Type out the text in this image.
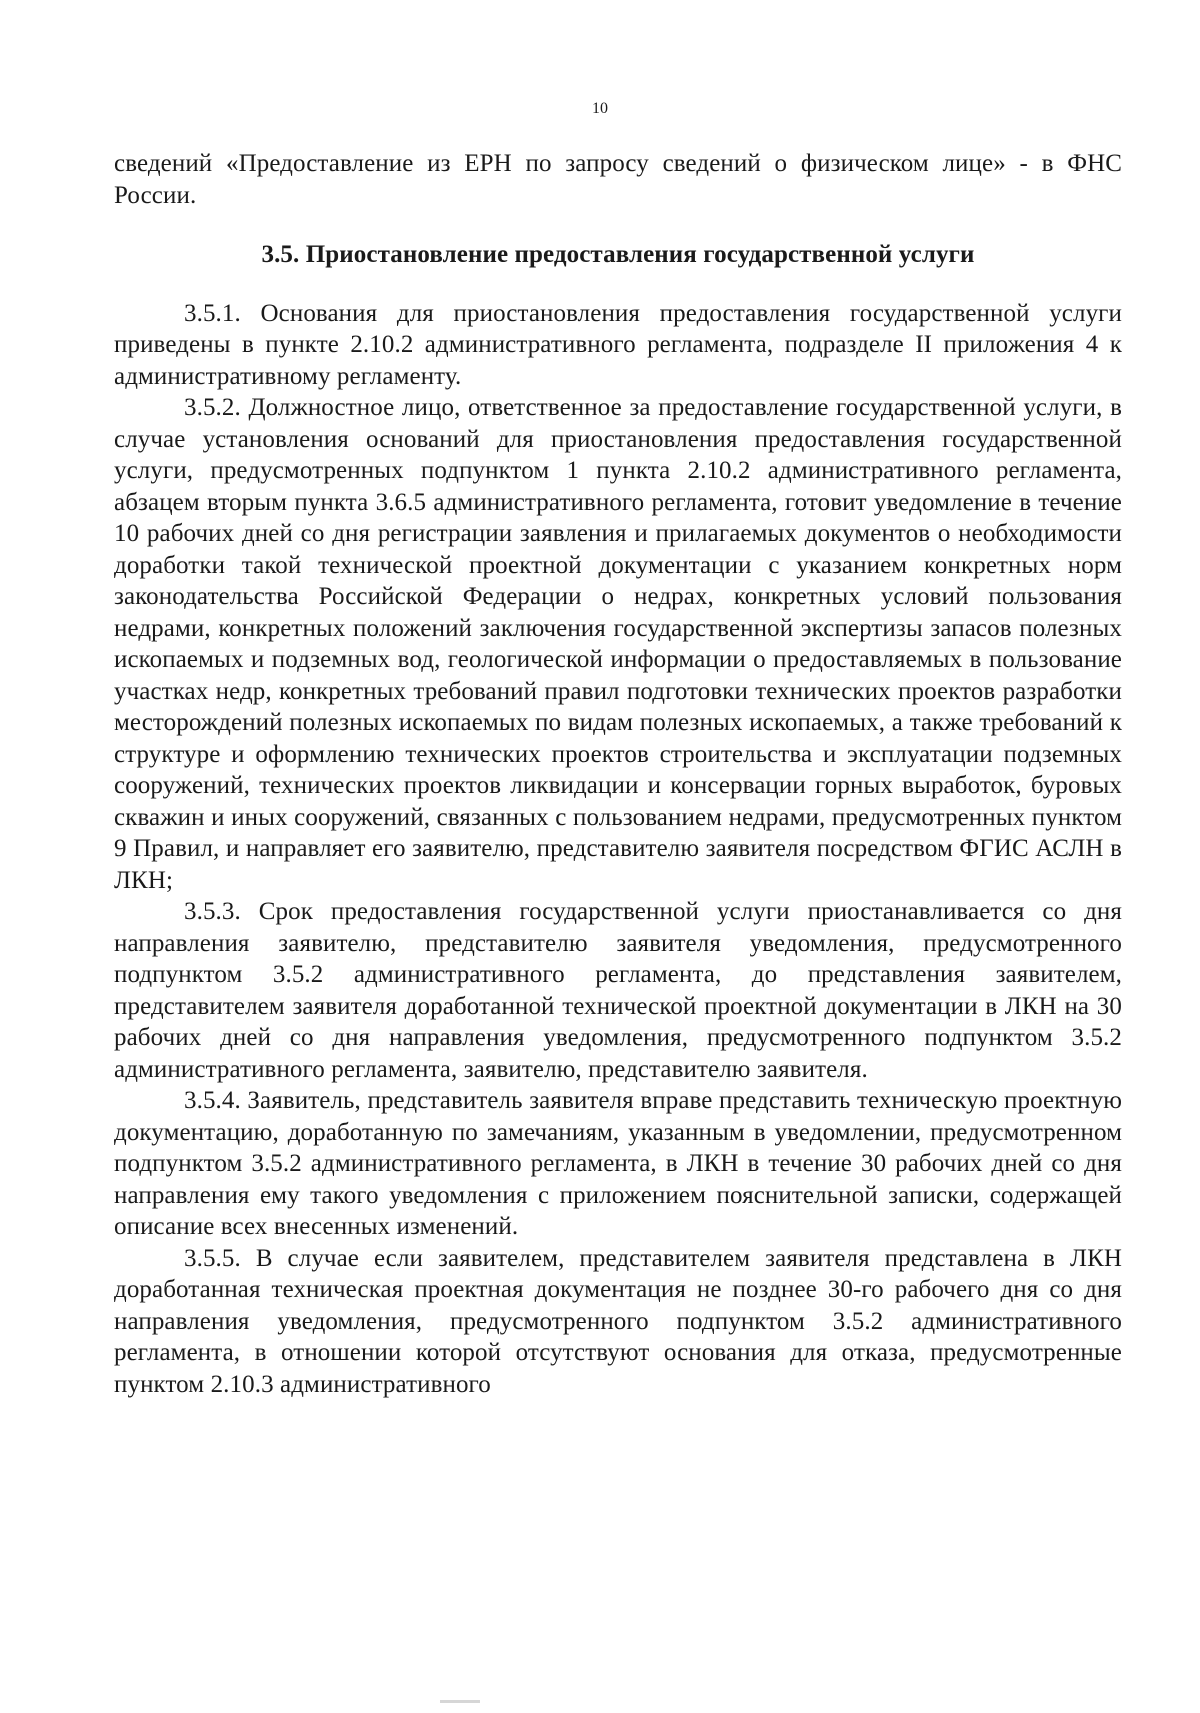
10

сведений «Предоставление из ЕРН по запросу сведений о физическом лице» - в ФНС России.

3.5. Приостановление предоставления государственной услуги

3.5.1. Основания для приостановления предоставления государственной услуги приведены в пункте 2.10.2 административного регламента, подразделе II приложения 4 к административному регламенту.

3.5.2. Должностное лицо, ответственное за предоставление государственной услуги, в случае установления оснований для приостановления предоставления государственной услуги, предусмотренных подпунктом 1 пункта 2.10.2 административного регламента, абзацем вторым пункта 3.6.5 административного регламента, готовит уведомление в течение 10 рабочих дней со дня регистрации заявления и прилагаемых документов о необходимости доработки такой технической проектной документации с указанием конкретных норм законодательства Российской Федерации о недрах, конкретных условий пользования недрами, конкретных положений заключения государственной экспертизы запасов полезных ископаемых и подземных вод, геологической информации о предоставляемых в пользование участках недр, конкретных требований правил подготовки технических проектов разработки месторождений полезных ископаемых по видам полезных ископаемых, а также требований к структуре и оформлению технических проектов строительства и эксплуатации подземных сооружений, технических проектов ликвидации и консервации горных выработок, буровых скважин и иных сооружений, связанных с пользованием недрами, предусмотренных пунктом 9 Правил, и направляет его заявителю, представителю заявителя посредством ФГИС АСЛН в ЛКН;

3.5.3. Срок предоставления государственной услуги приостанавливается со дня направления заявителю, представителю заявителя уведомления, предусмотренного подпунктом 3.5.2 административного регламента, до представления заявителем, представителем заявителя доработанной технической проектной документации в ЛКН на 30 рабочих дней со дня направления уведомления, предусмотренного подпунктом 3.5.2 административного регламента, заявителю, представителю заявителя.

3.5.4. Заявитель, представитель заявителя вправе представить техническую проектную документацию, доработанную по замечаниям, указанным в уведомлении, предусмотренном подпунктом 3.5.2 административного регламента, в ЛКН в течение 30 рабочих дней со дня направления ему такого уведомления с приложением пояснительной записки, содержащей описание всех внесенных изменений.

3.5.5. В случае если заявителем, представителем заявителя представлена в ЛКН доработанная техническая проектная документация не позднее 30-го рабочего дня со дня направления уведомления, предусмотренного подпунктом 3.5.2 административного регламента, в отношении которой отсутствуют основания для отказа, предусмотренные пунктом 2.10.3 административного
